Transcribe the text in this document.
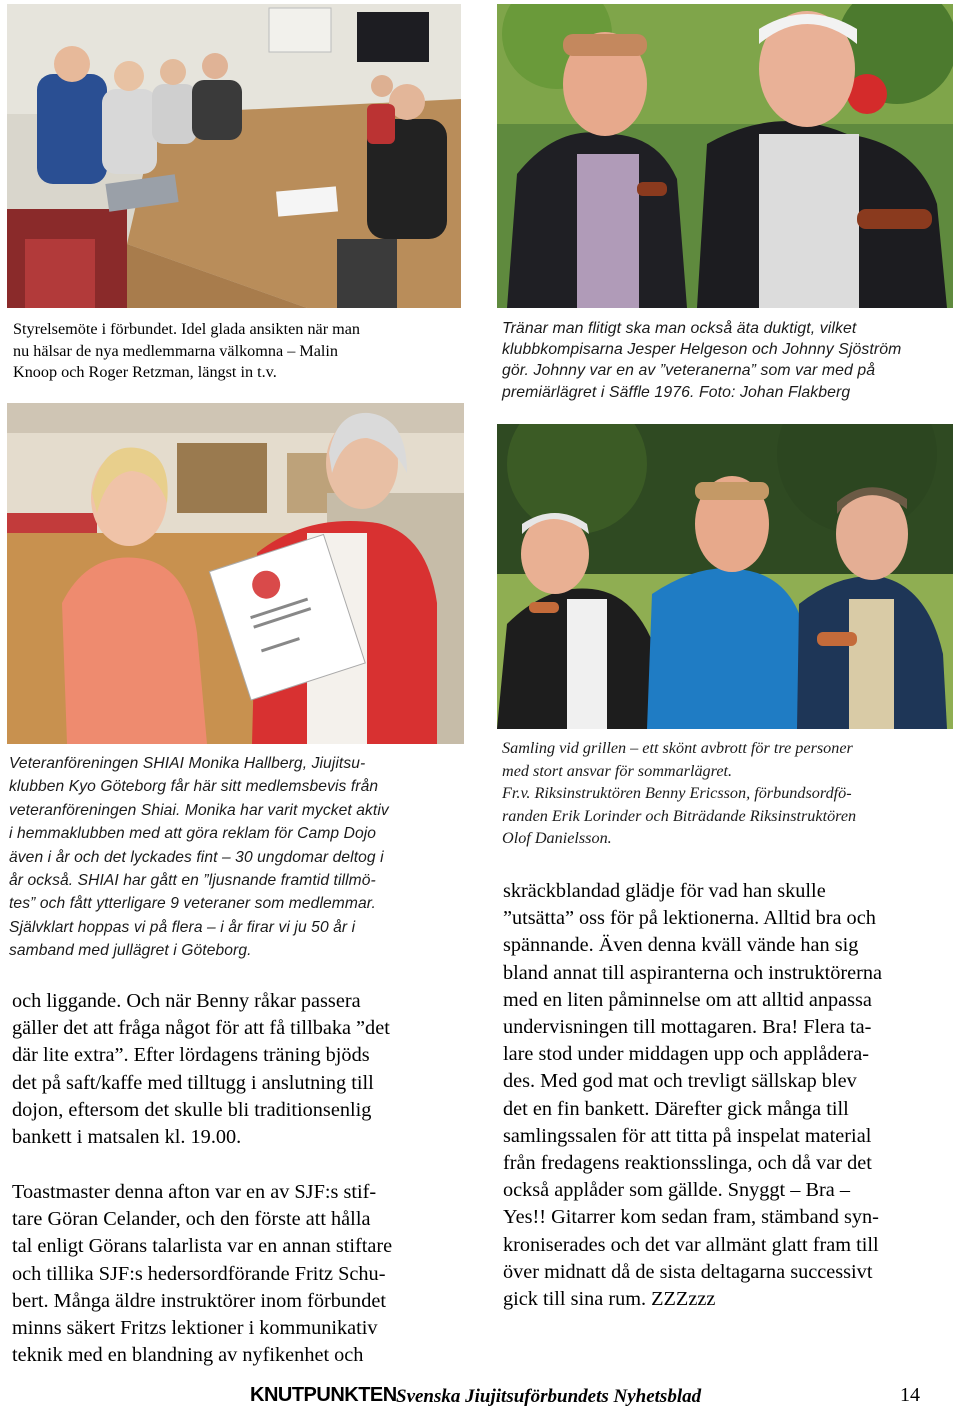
Styrelsemöte i förbundet. Idel glada ansikten när man
nu hälsar de nya medlemmarna välkomna – Malin
Knoop och Roger Retzman, längst in t.v.
Tränar man flitigt ska man också äta duktigt, vilket
klubbkompisarna Jesper Helgeson och Johnny Sjöström
gör. Johnny var en av ”veteranerna” som var med på
premiärlägret i Säffle 1976. Foto: Johan Flakberg
Veteranföreningen SHIAI Monika Hallberg, Jiujitsu-
klubben Kyo Göteborg får här sitt medlemsbevis från
veteranföreningen Shiai. Monika har varit mycket aktiv
i hemmaklubben med att göra reklam för Camp Dojo
även i år och det lyckades fint – 30 ungdomar deltog i
år också. SHIAI har gått en ”ljusnande framtid tillmö-
tes” och fått ytterligare 9 veteraner som medlemmar.
Självklart hoppas vi på flera – i år firar vi ju 50 år i
samband med jullägret i Göteborg.
Samling vid grillen – ett skönt avbrott för tre personer
med stort ansvar för sommarlägret.
Fr.v. Riksinstruktören Benny Ericsson, förbundsordfö-
randen Erik Lorinder och Biträdande Riksinstruktören
Olof Danielsson.
och liggande. Och när Benny råkar passera
gäller det att fråga något för att få tillbaka ”det
där lite extra”. Efter lördagens träning bjöds
det på saft/kaffe med tilltugg i anslutning till
dojon, eftersom det skulle bli traditionsenlig
bankett i matsalen kl. 19.00.
Toastmaster denna afton var en av SJF:s stif-
tare Göran Celander, och den förste att hålla
tal enligt Görans talarlista var en annan stiftare
och tillika SJF:s hedersordförande Fritz Schu-
bert. Många äldre instruktörer inom förbundet
minns säkert Fritzs lektioner i kommunikativ
teknik med en blandning av nyfikenhet och
skräckblandad glädje för vad han skulle
”utsätta” oss för på lektionerna. Alltid bra och
spännande. Även denna kväll vände han sig
bland annat till aspiranterna och instruktörerna
med en liten påminnelse om att alltid anpassa
undervisningen till mottagaren. Bra! Flera ta-
lare stod under middagen upp och applådera-
des. Med god mat och trevligt sällskap blev
det en fin bankett. Därefter gick många till
samlingssalen för att titta på inspelat material
från fredagens reaktionsslinga, och då var det
också applåder som gällde. Snyggt – Bra –
Yes!! Gitarrer kom sedan fram, stämband syn-
kroniserades och det var allmänt glatt fram till
över midnatt då de sista deltagarna successivt
gick till sina rum. ZZZzzz
KNUTPUNKTEN Svenska Jiujitsuförbundets Nyhetsblad	14
